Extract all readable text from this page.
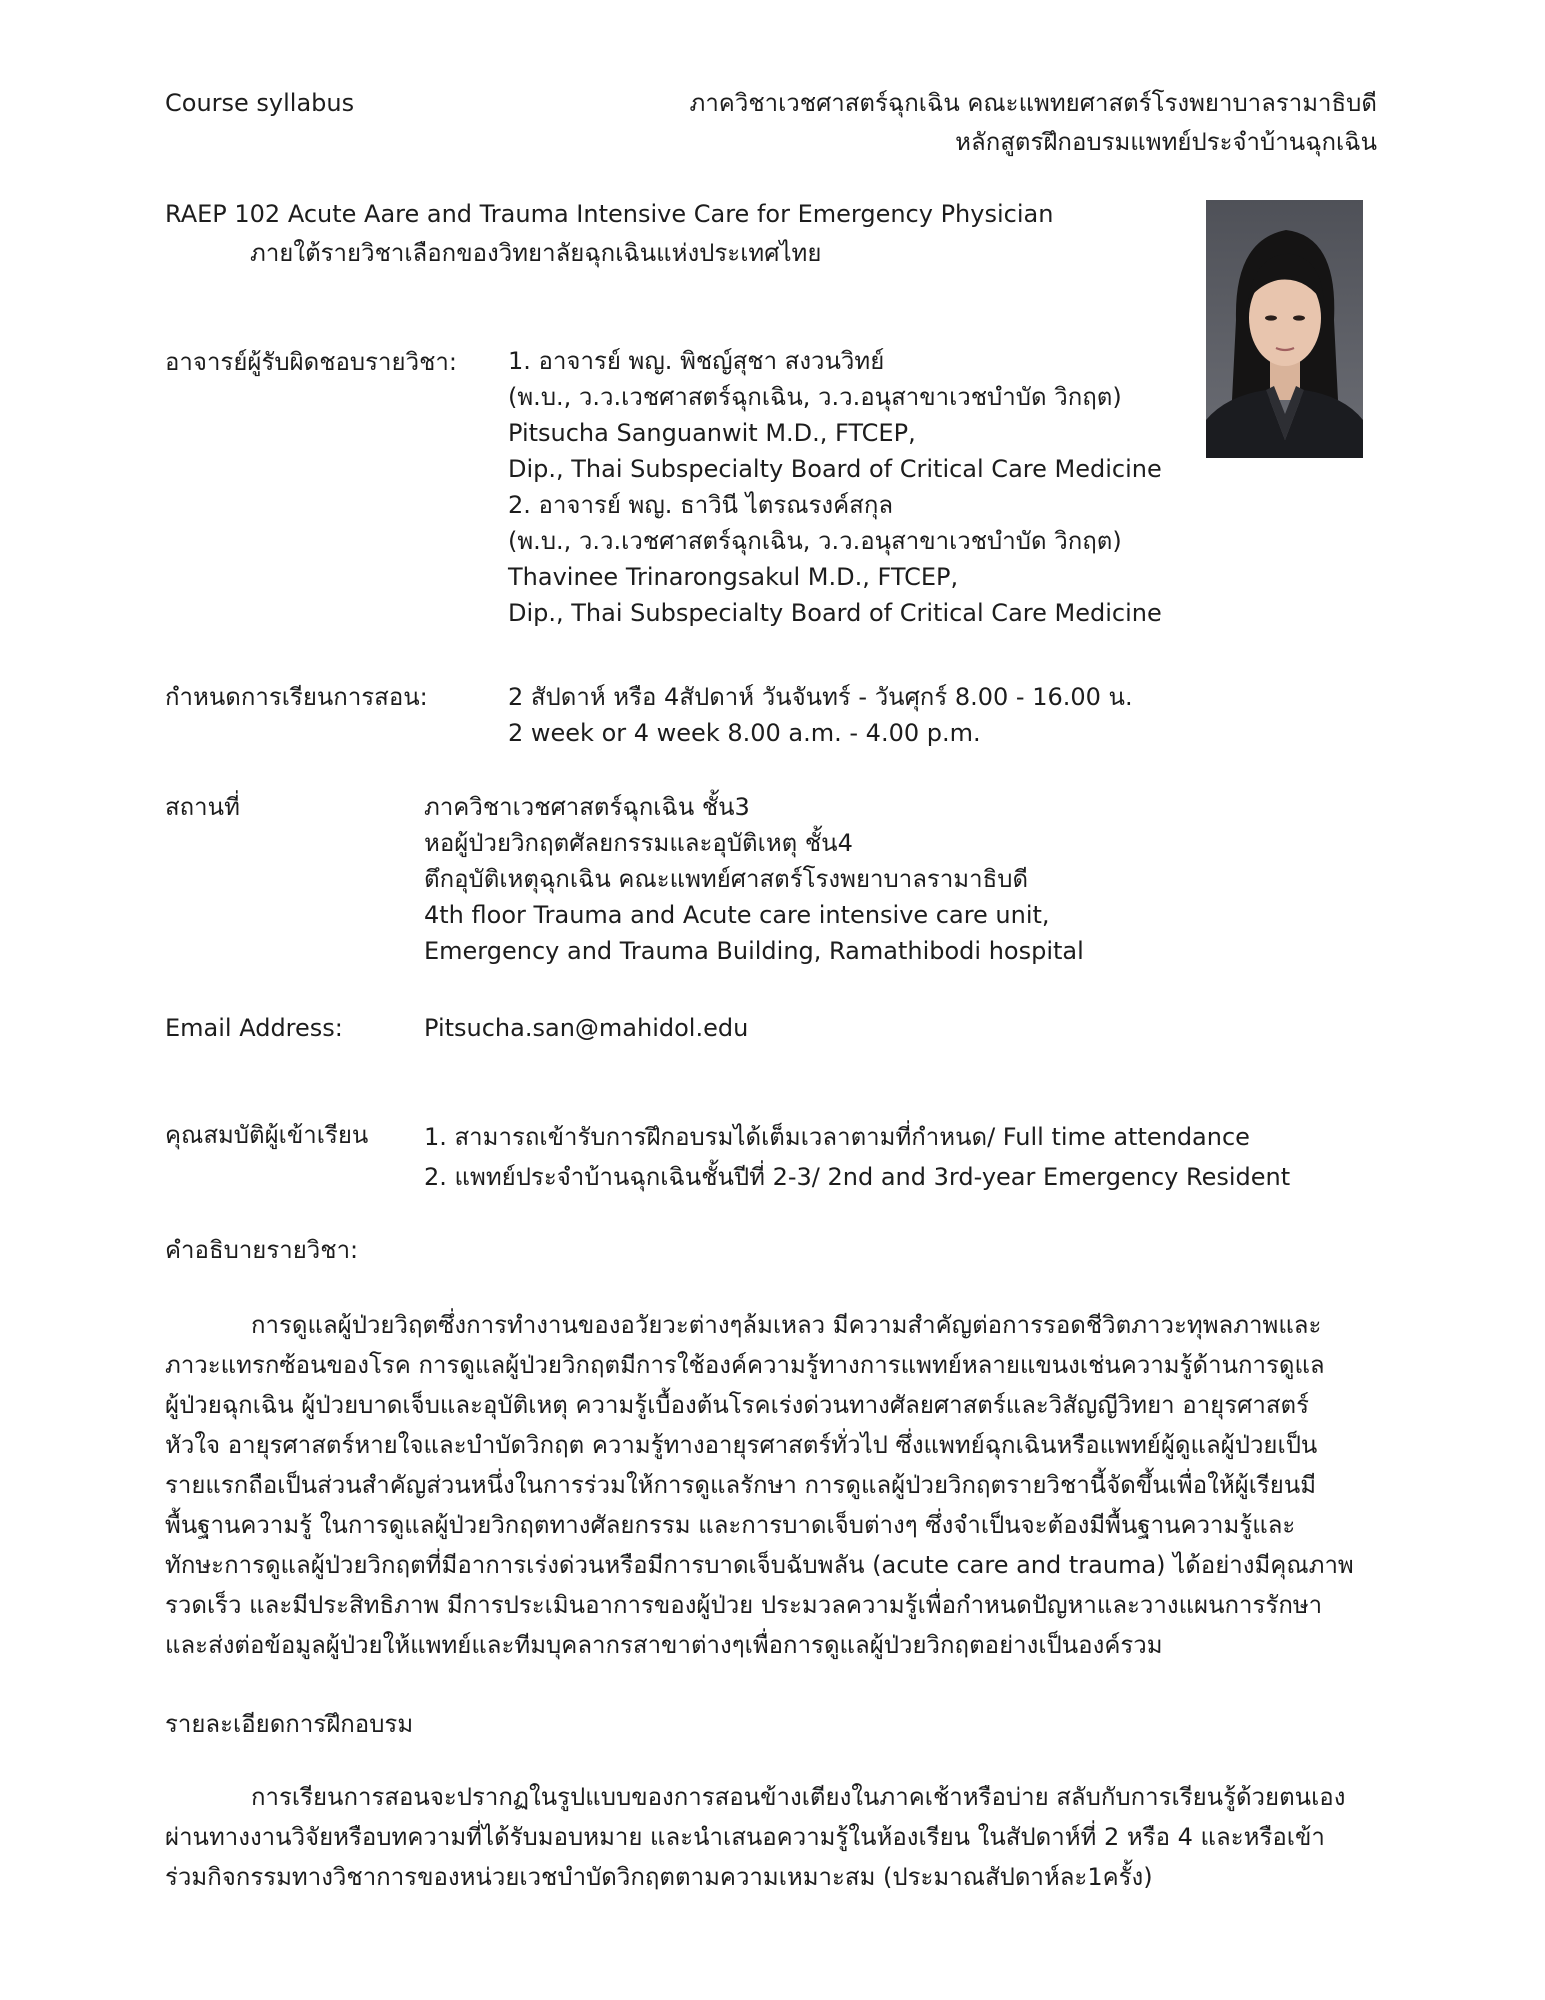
Course syllabus	ภาควิชาเวชศาสตร์ฉุกเฉิน คณะแพทยศาสตร์โรงพยาบาลรามาธิบดี
หลักสูตรฝึกอบรมแพทย์ประจำบ้านฉุกเฉิน
RAEP 102 Acute Aare and Trauma Intensive Care for Emergency Physician
ภายใต้รายวิชาเลือกของวิทยาลัยฉุกเฉินแห่งประเทศไทย
อาจารย์ผู้รับผิดชอบรายวิชา: 1. อาจารย์ พญ. พิชญ์สุชา สงวนวิทย์
(พ.บ., ว.ว.เวชศาสตร์ฉุกเฉิน, ว.ว.อนุสาขาเวชบำบัด วิกฤต)
Pitsucha Sanguanwit M.D., FTCEP,
Dip., Thai Subspecialty Board of Critical Care Medicine
2. อาจารย์ พญ. ธาวินี ไตรณรงค์สกุล
(พ.บ., ว.ว.เวชศาสตร์ฉุกเฉิน, ว.ว.อนุสาขาเวชบำบัด วิกฤต)
Thavinee Trinarongsakul M.D., FTCEP,
Dip., Thai Subspecialty Board of Critical Care Medicine
กำหนดการเรียนการสอน:	2 สัปดาห์ หรือ 4สัปดาห์ วันจันทร์ - วันศุกร์ 8.00 - 16.00 น.
2 week or 4 week 8.00 a.m. - 4.00 p.m.
สถานที่	ภาควิชาเวชศาสตร์ฉุกเฉิน ชั้น3
หอผู้ป่วยวิกฤตศัลยกรรมและอุบัติเหตุ ชั้น4
ตึกอุบัติเหตุฉุกเฉิน คณะแพทย์ศาสตร์โรงพยาบาลรามาธิบดี
4th floor Trauma and Acute care intensive care unit,
Emergency and Trauma Building, Ramathibodi hospital
Email Address:	Pitsucha.san@mahidol.edu
คุณสมบัติผู้เข้าเรียน 1. สามารถเข้ารับการฝึกอบรมได้เต็มเวลาตามที่กำหนด/ Full time attendance
2. แพทย์ประจำบ้านฉุกเฉินชั้นปีที่ 2-3/ 2nd and 3rd-year Emergency Resident
คำอธิบายรายวิชา:
การดูแลผู้ป่วยวิฤตซึ่งการทำงานของอวัยวะต่างๆล้มเหลว มีความสำคัญต่อการรอดชีวิตภาวะทุพลภาพและ
ภาวะแทรกซ้อนของโรค การดูแลผู้ป่วยวิกฤตมีการใช้องค์ความรู้ทางการแพทย์หลายแขนงเช่นความรู้ด้านการดูแล
ผู้ป่วยฉุกเฉิน ผู้ป่วยบาดเจ็บและอุบัติเหตุ ความรู้เบื้องต้นโรคเร่งด่วนทางศัลยศาสตร์และวิสัญญีวิทยา อายุรศาสตร์
หัวใจ อายุรศาสตร์หายใจและบำบัดวิกฤต ความรู้ทางอายุรศาสตร์ทั่วไป ซึ่งแพทย์ฉุกเฉินหรือแพทย์ผู้ดูแลผู้ป่วยเป็น
รายแรกถือเป็นส่วนสำคัญส่วนหนึ่งในการร่วมให้การดูแลรักษา การดูแลผู้ป่วยวิกฤตรายวิชานี้จัดขึ้นเพื่อให้ผู้เรียนมี
พื้นฐานความรู้ ในการดูแลผู้ป่วยวิกฤตทางศัลยกรรม และการบาดเจ็บต่างๆ ซึ่งจำเป็นจะต้องมีพื้นฐานความรู้และ
ทักษะการดูแลผู้ป่วยวิกฤตที่มีอาการเร่งด่วนหรือมีการบาดเจ็บฉับพลัน (acute care and trauma) ได้อย่างมีคุณภาพ
รวดเร็ว และมีประสิทธิภาพ มีการประเมินอาการของผู้ป่วย ประมวลความรู้เพื่อกำหนดปัญหาและวางแผนการรักษา
และส่งต่อข้อมูลผู้ป่วยให้แพทย์และทีมบุคลากรสาขาต่างๆเพื่อการดูแลผู้ป่วยวิกฤตอย่างเป็นองค์รวม
รายละเอียดการฝึกอบรม
การเรียนการสอนจะปรากฏในรูปแบบของการสอนข้างเตียงในภาคเช้าหรือบ่าย สลับกับการเรียนรู้ด้วยตนเอง
ผ่านทางงานวิจัยหรือบทความที่ได้รับมอบหมาย และนำเสนอความรู้ในห้องเรียน ในสัปดาห์ที่ 2 หรือ 4 และหรือเข้า
ร่วมกิจกรรมทางวิชาการของหน่วยเวชบำบัดวิกฤตตามความเหมาะสม (ประมาณสัปดาห์ละ1ครั้ง)
